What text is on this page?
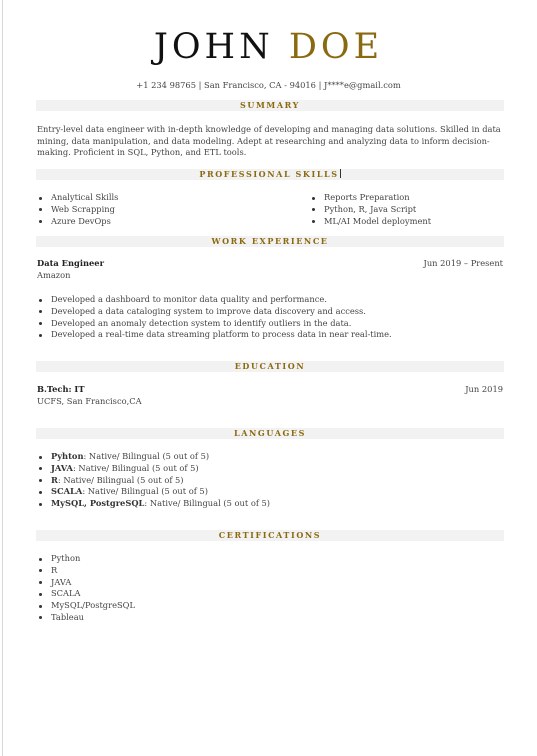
JOHN DOE
+1 234 98765 | San Francisco, CA - 94016 | J****e@gmail.com
SUMMARY
Entry-level data engineer with in-depth knowledge of developing and managing data solutions. Skilled in data mining, data manipulation, and data modeling. Adept at researching and analyzing data to inform decision-making. Proficient in SQL, Python, and ETL tools.
PROFESSIONAL SKILLS
Analytical Skills
Web Scrapping
Azure DevOps
Reports Preparation
Python, R, Java Script
ML/AI Model deployment
WORK EXPERIENCE
Data Engineer	Jun 2019 – Present
Amazon
Developed a dashboard to monitor data quality and performance.
Developed a data cataloging system to improve data discovery and access.
Developed an anomaly detection system to identify outliers in the data.
Developed a real-time data streaming platform to process data in near real-time.
EDUCATION
B.Tech: IT	Jun 2019
UCFS, San Francisco,CA
LANGUAGES
Pyhton: Native/ Bilingual (5 out of 5)
JAVA: Native/ Bilingual (5 out of 5)
R: Native/ Bilingual (5 out of 5)
SCALA: Native/ Bilingual (5 out of 5)
MySQL, PostgreSQL: Native/ Bilingual (5 out of 5)
CERTIFICATIONS
Python
R
JAVA
SCALA
MySQL/PostgreSQL
Tableau
